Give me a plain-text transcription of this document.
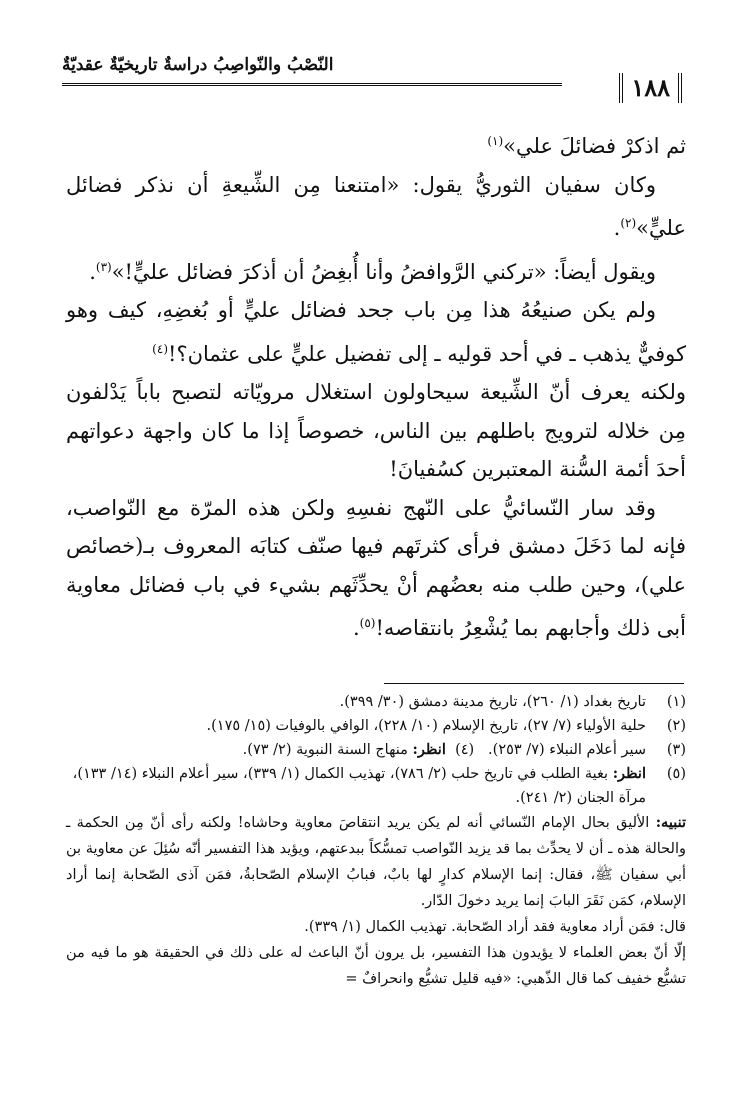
١٨٨
النّصْبُ والنّواصِبُ دراسةٌ تاريخيّةٌ عقديّةٌ

ثم اذكرْ فضائلَ علي»$^{(١)}$

وكان سفيان الثوريُّ يقول: «امتنعنا مِن الشِّيعةِ أن نذكر فضائل عليٍّ»$^{(٢)}$.

ويقول أيضاً: «تركني الرَّوافضُ وأنا أُبغِضُ أن أذكرَ فضائل عليٍّ!»$^{(٣)}$.

ولم يكن صنيعُهُ هذا مِن باب جحد فضائل عليٍّ أو بُغضِهِ، كيف وهو كوفيٌّ يذهب ـ في أحد قوليه ـ إلى تفضيل عليٍّ على عثمان؟!$^{(٤)}$

ولكنه يعرف أنّ الشِّيعة سيحاولون استغلال مرويّاته لتصبح باباً يَدْلفون مِن خلاله لترويج باطلهم بين الناس، خصوصاً إذا ما كان واجهة دعواتهم أحدَ أئمة السُّنة المعتبرين كسُفيانَ!

وقد سار النّسائيُّ على النّهج نفسِهِ ولكن هذه المرّة مع النّواصب، فإنه لما دَخَلَ دمشق فرأى كثرتَهم فيها صنّف كتابَه المعروف بـ(خصائص علي)، وحين طلب منه بعضُهم أنْ يحدِّثَهم بشيء في باب فضائل معاوية أبى ذلك وأجابهم بما يُشْعِرُ بانتقاصه!$^{(٥)}$.

(١)
تاريخ بغداد (١/ ٢٦٠)، تاريخ مدينة دمشق (٣٠/ ٣٩٩).
(٢)
حلية الأولياء (٧/ ٢٧)، تاريخ الإسلام (١٠/ ٢٢٨)، الوافي بالوفيات (١٥/ ١٧٥).
(٣)
سير أعلام النبلاء (٧/ ٢٥٣).   (٤)  انظر: منهاج السنة النبوية (٢/ ٧٣).
(٥)
انظر: بغية الطلب في تاريخ حلب (٢/ ٧٨٦)، تهذيب الكمال (١/ ٣٣٩)، سير أعلام النبلاء (١٤/ ١٣٣)، مرآة الجنان (٢/ ٢٤١).
تنبيه: الأليق بحال الإمام النّسائي أنه لم يكن يريد انتقاصَ معاوية وحاشاه! ولكنه رأى أنّ مِن الحكمة ـ والحالة هذه ـ أن لا يحدِّث بما قد يزيد النّواصب تمسُّكاً ببدعتهم، ويؤيد هذا التفسير أنّه سُئِلَ عن معاوية بن أبي سفيان ﷺ، فقال: إنما الإسلام كدارٍ لها بابٌ، فبابُ الإسلام الصّحابةُ، فمَن آذى الصّحابة إنما أراد الإسلام، كمَن نَقَرَ البابَ إنما يريد دخولَ الدّار.
قال: فمَن أراد معاوية فقد أراد الصّحابة. تهذيب الكمال (١/ ٣٣٩).
إلّا أنّ بعض العلماء لا يؤيدون هذا التفسير، بل يرون أنّ الباعث له على ذلك في الحقيقة هو ما فيه من تشيُّع خفيف كما قال الذّهبي: «فيه قليل تشيُّع وانحرافٌ =
